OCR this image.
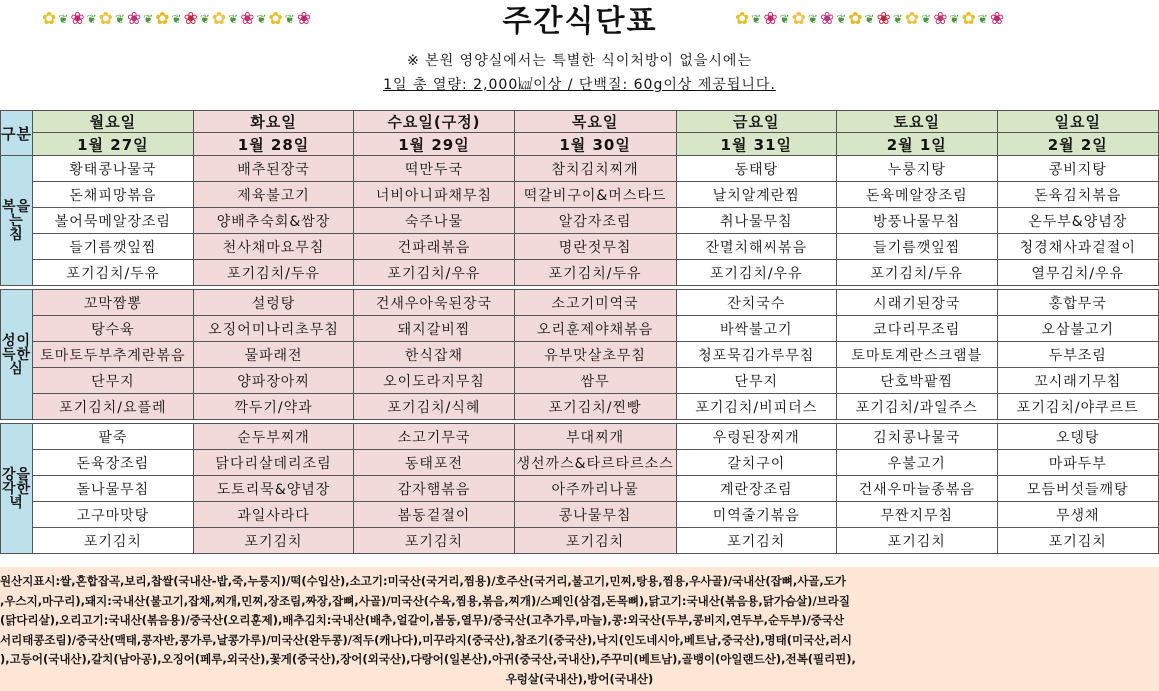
✿ ❦ ❀ ❦ ✿ ❦ ❀ ❦ ✿ ❦ ❀ ❦ ✿ ❦ ❀ ❦ ✿ ❦ ❀	주간식단표	✿ ❦ ❀ ❦ ✿ ❦ ❀ ❦ ✿ ❦ ❀ ❦ ✿ ❦ ❀ ❦ ✿ ❦ ❀
※ 본원 영양실에서는 특별한 식이처방이 없을시에는
1일 총 열량: 2,000㎉이상 / 단백질: 60g이상 제공됩니다.
구분	월요일	화요일	수요일(구정)	목요일	금요일	토요일	일요일
	1월 27일	1월 28일	1월 29일	1월 30일	1월 31일	2월 1일	2월 2일
복을
는
침	황태콩나물국	배추된장국	떡만두국	참치김치찌개	동태탕	누룽지탕	콩비지탕
	돈채피망볶음	제육불고기	너비아니파채무침	떡갈비구이&머스타드	날치알계란찜	돈육메알장조림	돈육김치볶음
	볼어묵메알장조림	양배추숙회&쌈장	숙주나물	알감자조림	취나물무침	방풍나물무침	온두부&양념장
	들기름깻잎찜	천사채마요무침	건파래볶음	명란젓무침	잔멸치해씨볶음	들기름깻잎찜	청경채사과겉절이
	포기김치/두유	포기김치/두유	포기김치/우유	포기김치/두유	포기김치/우유	포기김치/두유	열무김치/우유

성이
득한
심	꼬막짬뽕	설렁탕	건새우아욱된장국	소고기미역국	잔치국수	시래기된장국	홍합무국
	탕수육	오징어미나리초무침	돼지갈비찜	오리훈제야채볶음	바싹불고기	코다리무조림	오삼불고기
	토마토두부추계란볶음	물파래전	한식잡채	유부맛살초무침	청포묵김가루무침	토마토계란스크램블	두부조림
	단무지	양파장아찌	오이도라지무침	쌈무	단무지	단호박팥찜	꼬시래기무침
	포기김치/요플레	깍두기/약과	포기김치/식혜	포기김치/찐빵	포기김치/비피더스	포기김치/과일주스	포기김치/야쿠르트

강을
각한
녁	팥죽	순두부찌개	소고기무국	부대찌개	우렁된장찌개	김치콩나물국	오뎅탕
	돈육장조림	닭다리살데리조림	동태포전	생선까스&타르타르소스	갈치구이	우불고기	마파두부
	돌나물무침	도토리묵&양념장	감자햄볶음	아주까리나물	계란장조림	건새우마늘종볶음	모듬버섯들깨탕
	고구마맛탕	과일사라다	봄동겉절이	콩나물무침	미역줄기볶음	무짠지무침	무생채
	포기김치	포기김치	포기김치	포기김치	포기김치	포기김치	포기김치
원산지표시:쌀,혼합잡곡,보리,찹쌀(국내산-밥,죽,누룽지)/떡(수입산),소고기:미국산(국거리,찜용)/호주산(국거리,불고기,민찌,탕용,찜용,우사골)/국내산(잡뼈,사골,도가
,우스지,마구리),돼지:국내산(불고기,잡채,찌개,민찌,장조림,짜장,잡뼈,사골)/미국산(수육,찜용,볶음,찌개)/스페인(삼겹,돈목뼈),닭고기:국내산(볶음용,닭가슴살)/브라질
(닭다리살),오리고기:국내산(볶음용)/중국산(오리훈제),배추김치:국내산(배추,얼갈이,봄동,열무)/중국산(고추가루,마늘),콩:외국산(두부,콩비지,연두부,순두부)/중국산
서리태콩조림)/중국산(맥태,콩자반,콩가루,날콩가루)/미국산(완두콩)/적두(캐나다),미꾸라지(중국산),참조기(중국산),낙지(인도네시아,베트남,중국산),명태(미국산,러시
),고등어(국내산),갈치(남아공),오징어(페루,외국산),꽃게(중국산),장어(외국산),다랑어(일본산),아귀(중국산,국내산),주꾸미(베트남),골뱅이(아일랜드산),전복(필리핀),
우렁살(국내산),방어(국내산)
